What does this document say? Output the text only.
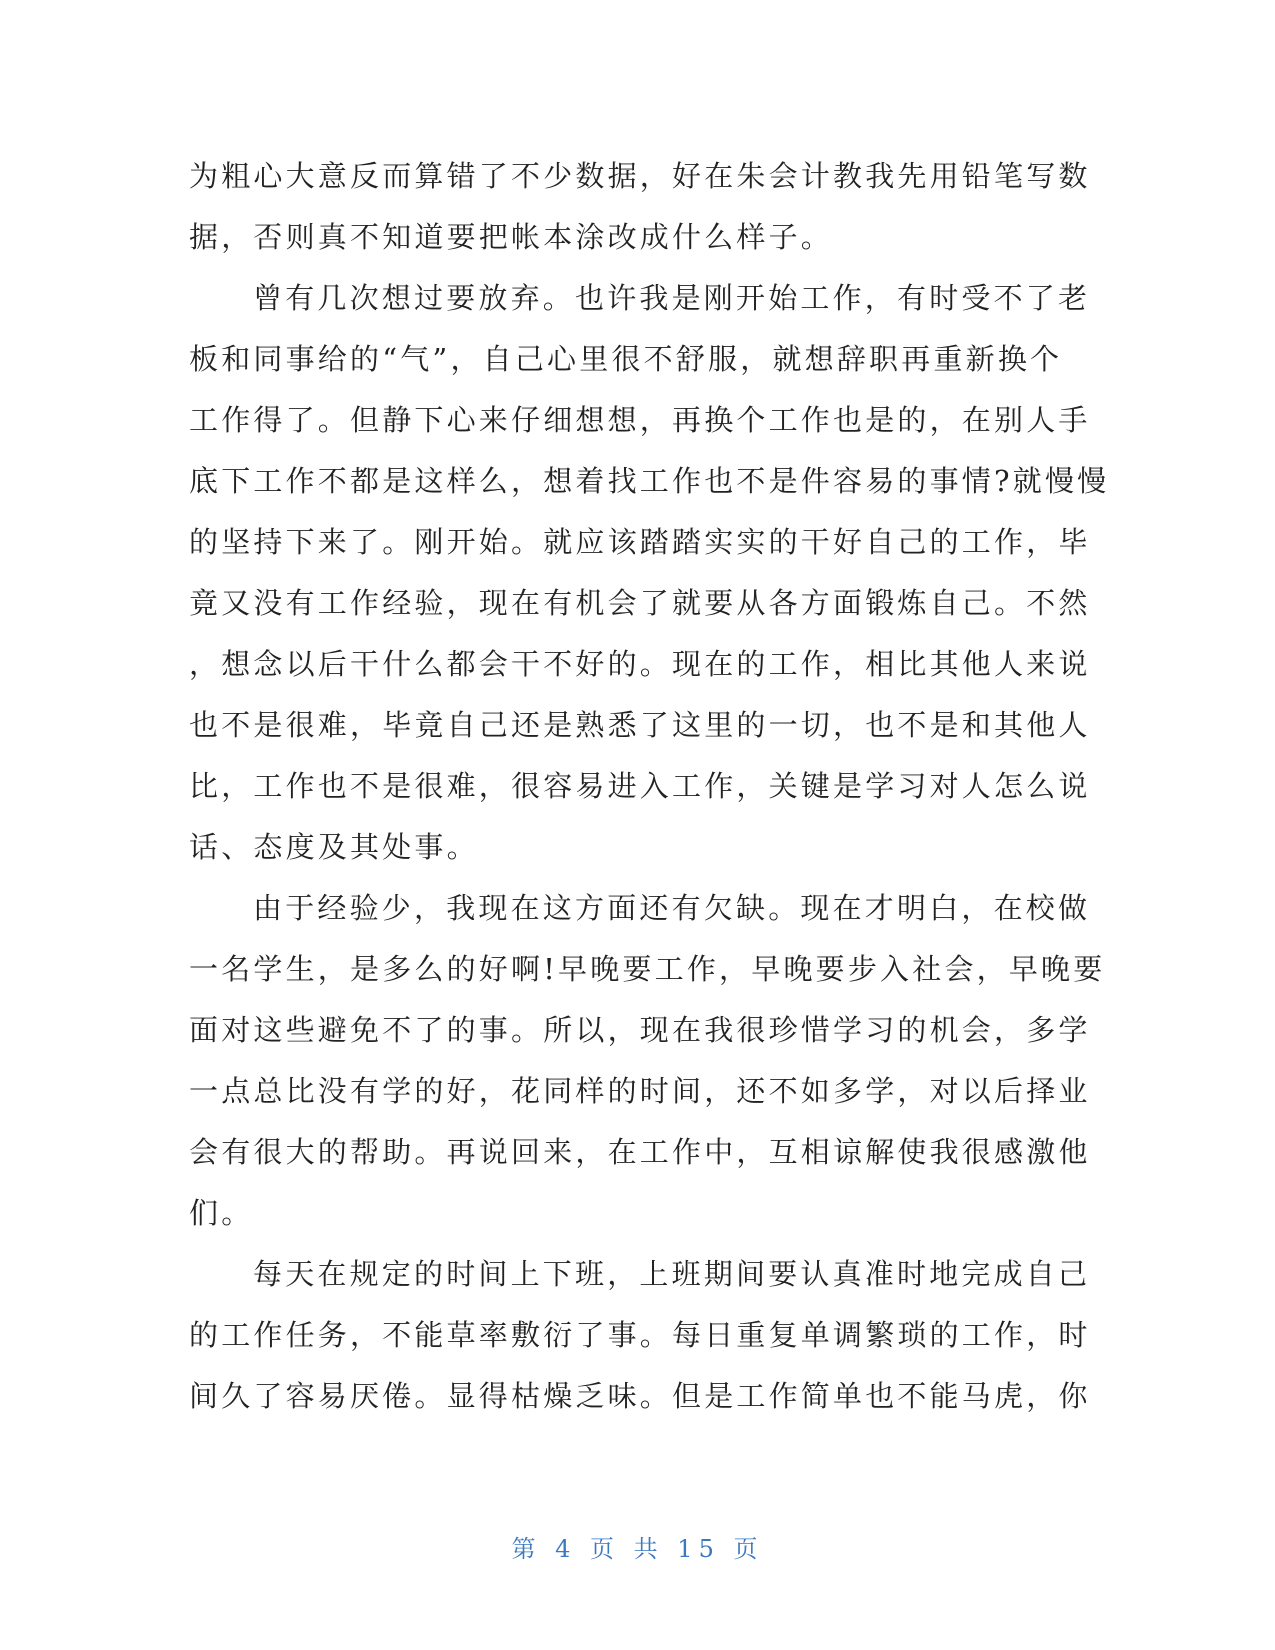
为粗心大意反而算错了不少数据，好在朱会计教我先用铅笔写数
据，否则真不知道要把帐本涂改成什么样子。
曾有几次想过要放弃。也许我是刚开始工作，有时受不了老
板和同事给的“气”，自己心里很不舒服，就想辞职再重新换个
工作得了。但静下心来仔细想想，再换个工作也是的，在别人手
底下工作不都是这样么，想着找工作也不是件容易的事情?就慢慢
的坚持下来了。刚开始。就应该踏踏实实的干好自己的工作，毕
竟又没有工作经验，现在有机会了就要从各方面锻炼自己。不然
，想念以后干什么都会干不好的。现在的工作，相比其他人来说
也不是很难，毕竟自己还是熟悉了这里的一切，也不是和其他人
比，工作也不是很难，很容易进入工作，关键是学习对人怎么说
话、态度及其处事。
由于经验少，我现在这方面还有欠缺。现在才明白，在校做
一名学生，是多么的好啊!早晚要工作，早晚要步入社会，早晚要
面对这些避免不了的事。所以，现在我很珍惜学习的机会，多学
一点总比没有学的好，花同样的时间，还不如多学，对以后择业
会有很大的帮助。再说回来，在工作中，互相谅解使我很感激他
们。
每天在规定的时间上下班，上班期间要认真准时地完成自己
的工作任务，不能草率敷衍了事。每日重复单调繁琐的工作，时
间久了容易厌倦。显得枯燥乏味。但是工作简单也不能马虎，你
第 4 页 共 15 页
